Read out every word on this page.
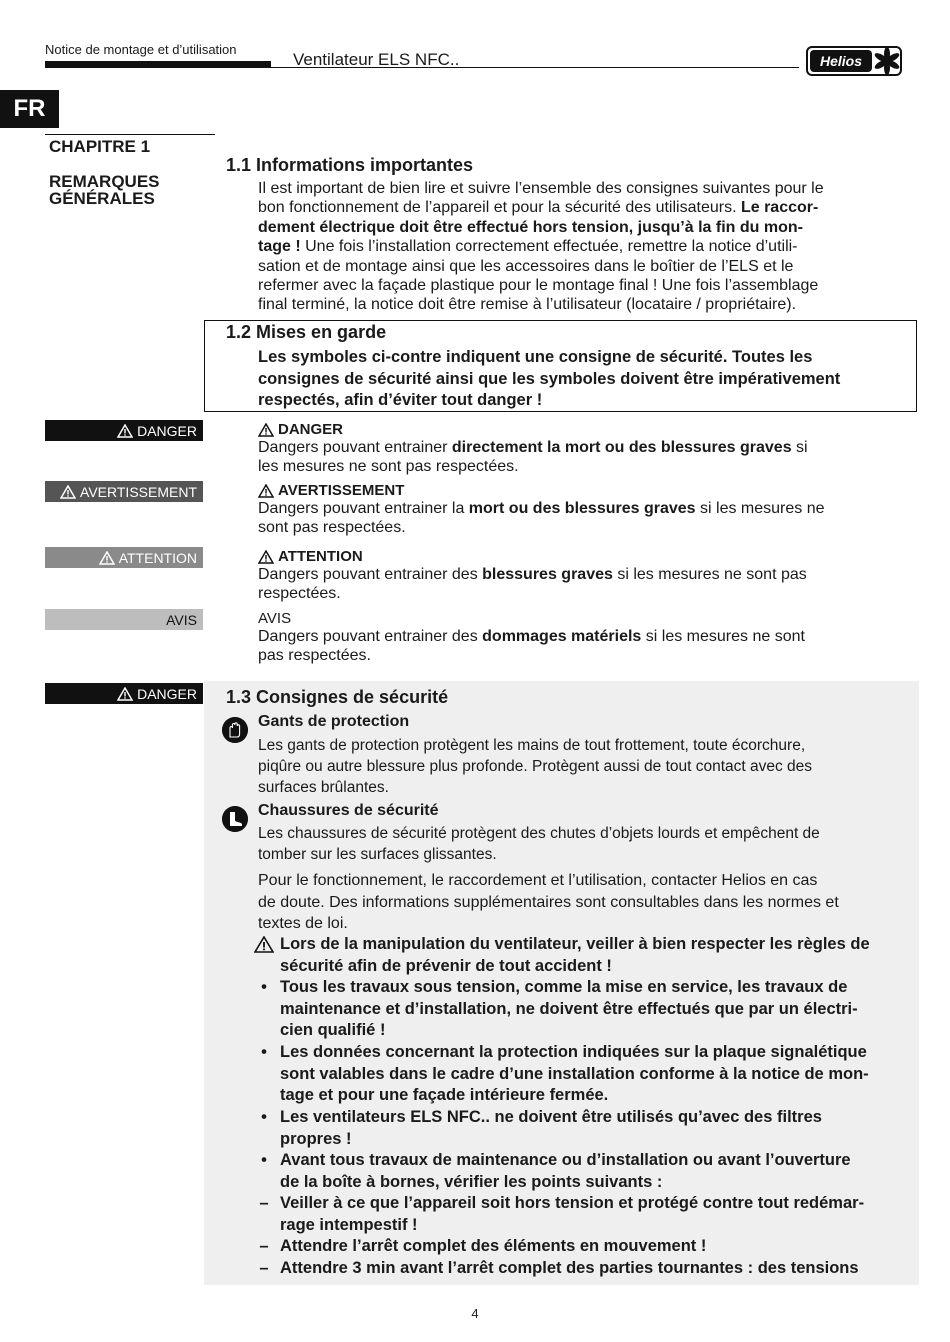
Notice de montage et d’utilisation
Ventilateur ELS NFC..	Helios
FR
CHAPITRE 1
REMARQUES
GÉNÉRALES
1.1 Informations importantes
Il est important de bien lire et suivre l’ensemble des consignes suivantes pour le
bon fonctionnement de l’appareil et pour la sécurité des utilisateurs. Le raccor-
dement électrique doit être effectué hors tension, jusqu’à la fin du mon-
tage ! Une fois l’installation correctement effectuée, remettre la notice d’utili-
sation et de montage ainsi que les accessoires dans le boîtier de l’ELS et le
refermer avec la façade plastique pour le montage final ! Une fois l’assemblage
final terminé, la notice doit être remise à l’utilisateur (locataire / propriétaire).
1.2 Mises en garde
Les symboles ci-contre indiquent une consigne de sécurité. Toutes les
consignes de sécurité ainsi que les symboles doivent être impérativement
respectés, afin d’éviter tout danger !
DANGER
AVERTISSEMENT
ATTENTION
AVIS
DANGER
Dangers pouvant entrainer directement la mort ou des blessures graves si
les mesures ne sont pas respectées.
AVERTISSEMENT
Dangers pouvant entrainer la mort ou des blessures graves si les mesures ne
sont pas respectées.
ATTENTION
Dangers pouvant entrainer des blessures graves si les mesures ne sont pas
respectées.
AVIS
Dangers pouvant entrainer des dommages matériels si les mesures ne sont
pas respectées.
DANGER 1.3 Consignes de sécurité
Gants de protection
Les gants de protection protègent les mains de tout frottement, toute écorchure,
piqûre ou autre blessure plus profonde. Protègent aussi de tout contact avec des
surfaces brûlantes.
Chaussures de sécurité
Les chaussures de sécurité protègent des chutes d’objets lourds et empêchent de
tomber sur les surfaces glissantes.
Pour le fonctionnement, le raccordement et l’utilisation, contacter Helios en cas
de doute. Des informations supplémentaires sont consultables dans les normes et
textes de loi.
Lors de la manipulation du ventilateur, veiller à bien respecter les règles de
sécurité afin de prévenir de tout accident !
• Tous les travaux sous tension, comme la mise en service, les travaux de
maintenance et d’installation, ne doivent être effectués que par un électri-
cien qualifié !
• Les données concernant la protection indiquées sur la plaque signalétique
sont valables dans le cadre d’une installation conforme à la notice de mon-
tage et pour une façade intérieure fermée.
• Les ventilateurs ELS NFC.. ne doivent être utilisés qu’avec des filtres
propres !
• Avant tous travaux de maintenance ou d’installation ou avant l’ouverture
de la boîte à bornes, vérifier les points suivants :
– Veiller à ce que l’appareil soit hors tension et protégé contre tout redémar-
rage intempestif !
– Attendre l’arrêt complet des éléments en mouvement !
– Attendre 3 min avant l’arrêt complet des parties tournantes : des tensions
4
